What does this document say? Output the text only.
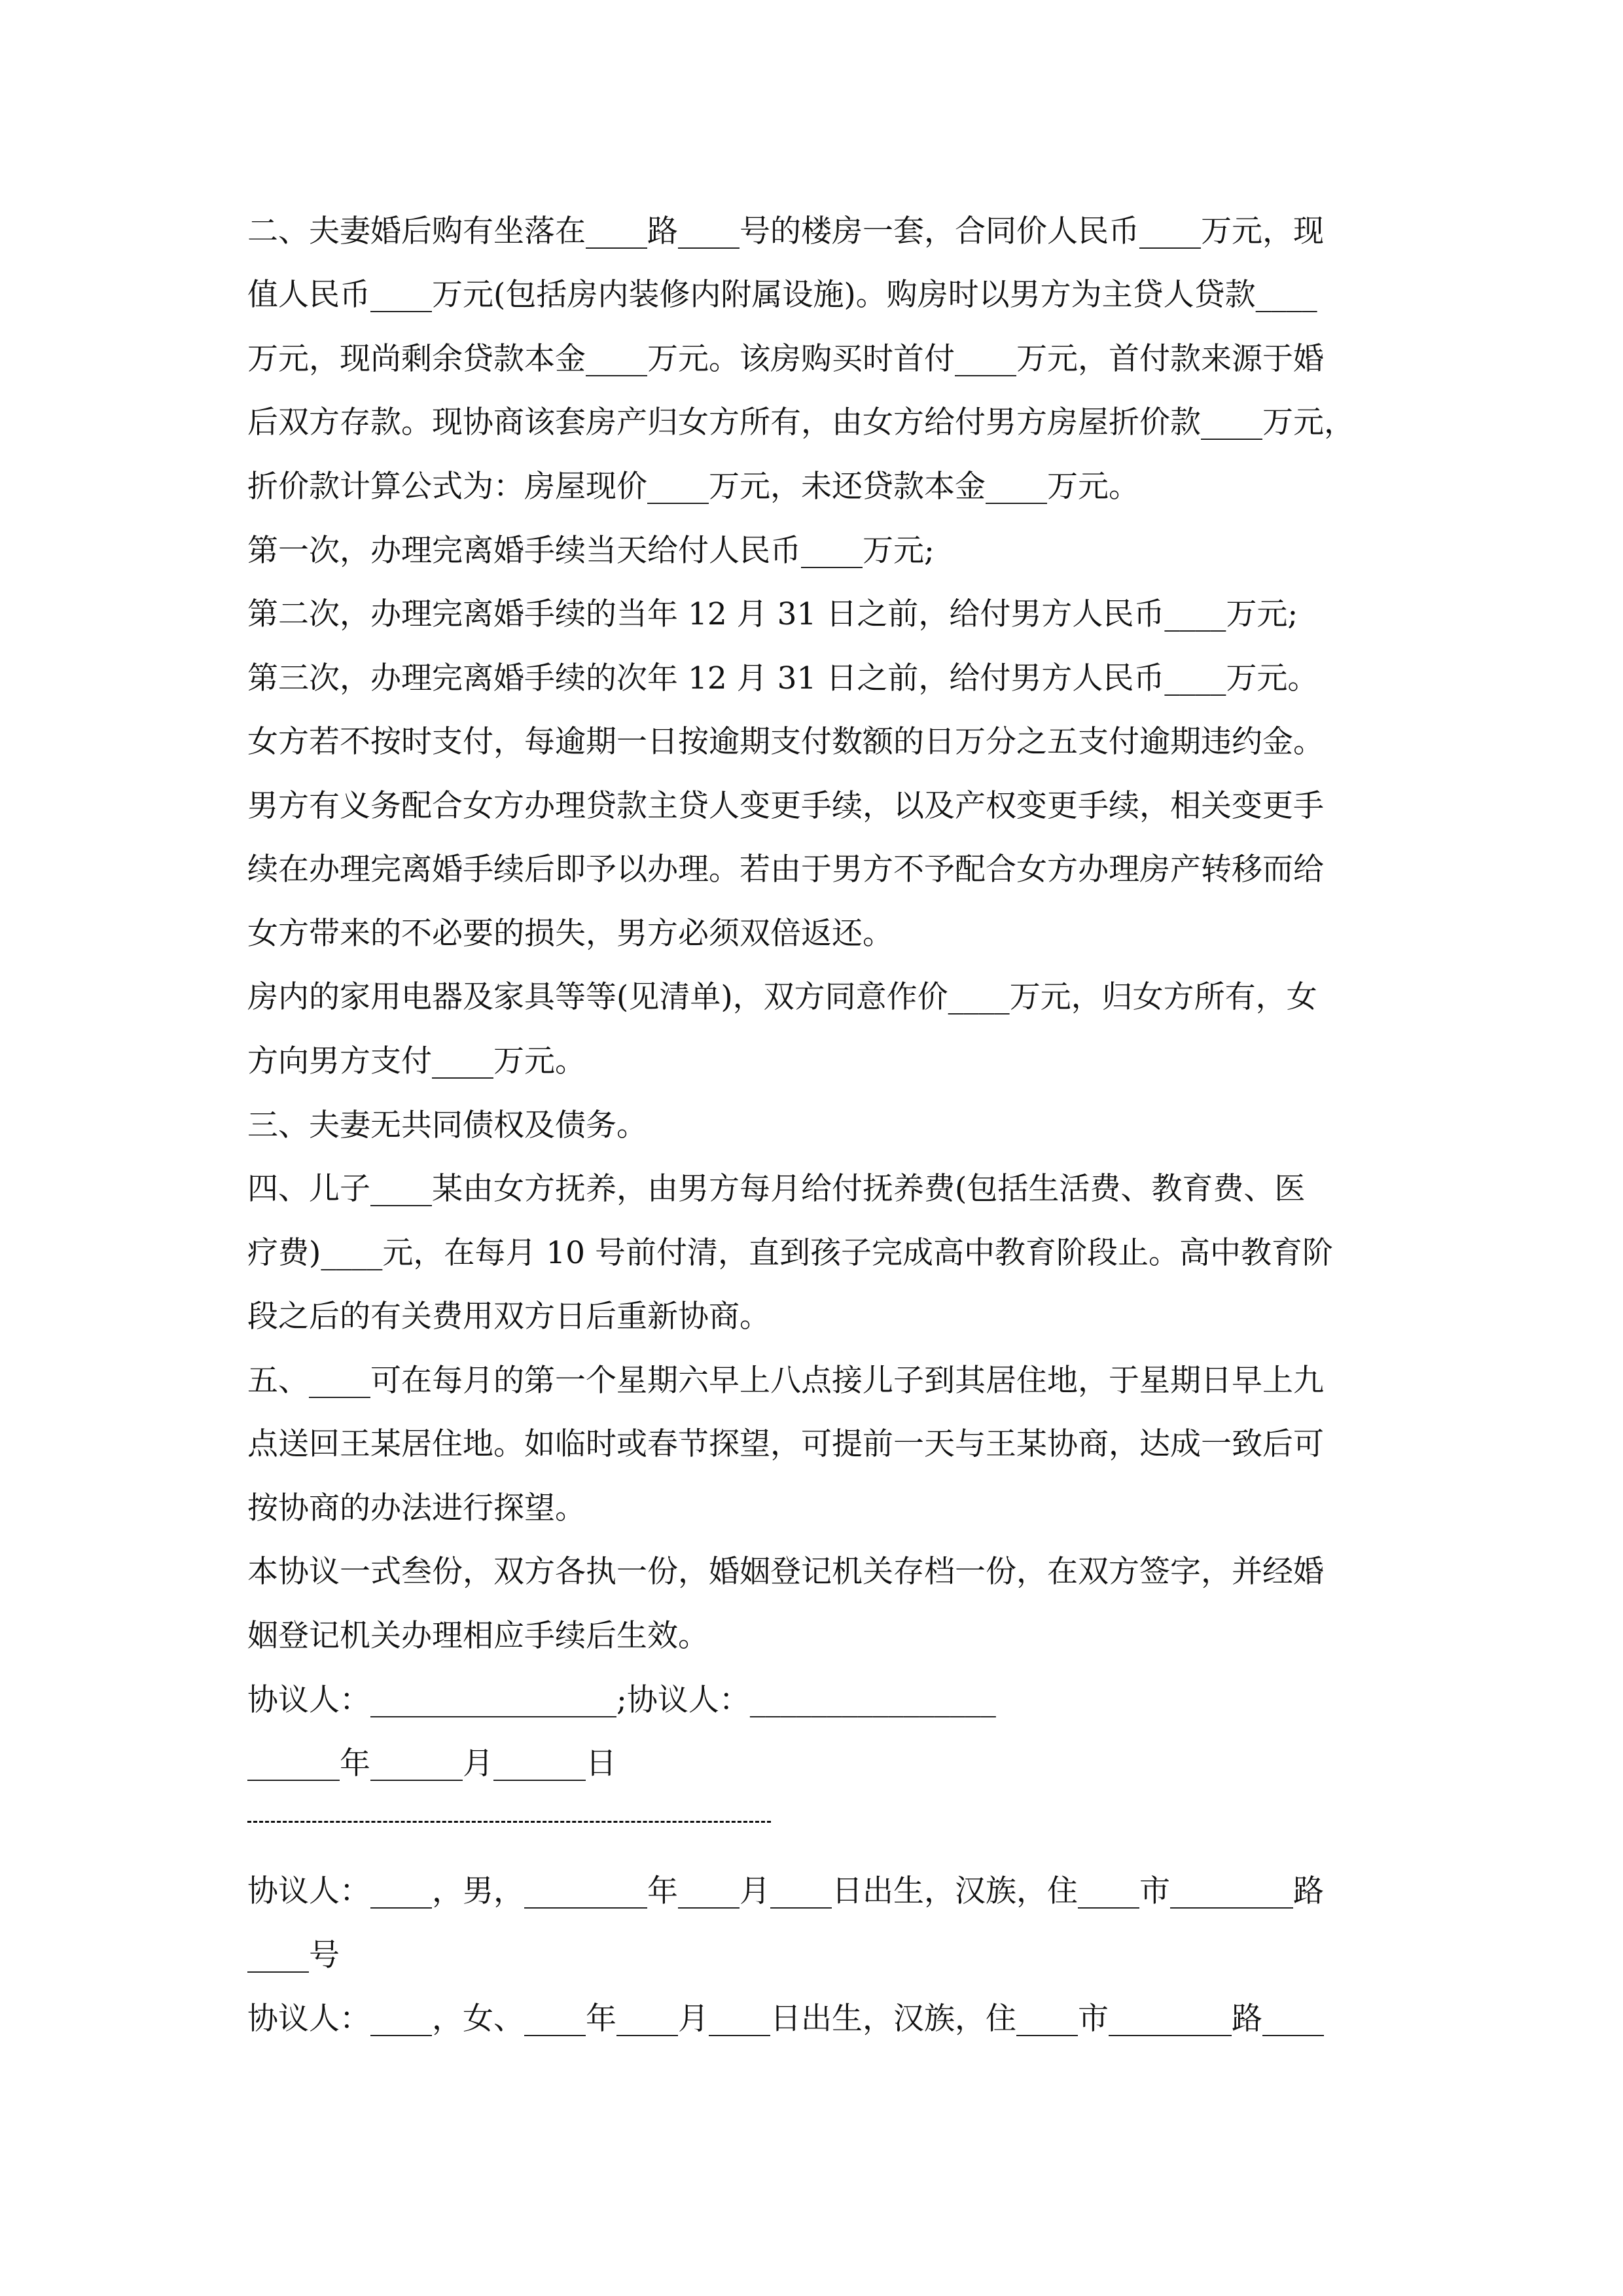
二、夫妻婚后购有坐落在____路____号的楼房一套，合同价人民币____万元，现
值人民币____万元(包括房内装修内附属设施)。购房时以男方为主贷人贷款____
万元，现尚剩余贷款本金____万元。该房购买时首付____万元，首付款来源于婚
后双方存款。现协商该套房产归女方所有，由女方给付男方房屋折价款____万元，
折价款计算公式为：房屋现价____万元，未还贷款本金____万元。
第一次，办理完离婚手续当天给付人民币____万元;
第二次，办理完离婚手续的当年 12 月 31 日之前，给付男方人民币____万元;
第三次，办理完离婚手续的次年 12 月 31 日之前，给付男方人民币____万元。
女方若不按时支付，每逾期一日按逾期支付数额的日万分之五支付逾期违约金。
男方有义务配合女方办理贷款主贷人变更手续，以及产权变更手续，相关变更手
续在办理完离婚手续后即予以办理。若由于男方不予配合女方办理房产转移而给
女方带来的不必要的损失，男方必须双倍返还。
房内的家用电器及家具等等(见清单)，双方同意作价____万元，归女方所有，女
方向男方支付____万元。
三、夫妻无共同债权及债务。
四、儿子____某由女方抚养，由男方每月给付抚养费(包括生活费、教育费、医
疗费)____元，在每月 10 号前付清，直到孩子完成高中教育阶段止。高中教育阶
段之后的有关费用双方日后重新协商。
五、____可在每月的第一个星期六早上八点接儿子到其居住地，于星期日早上九
点送回王某居住地。如临时或春节探望，可提前一天与王某协商，达成一致后可
按协商的办法进行探望。
本协议一式叁份，双方各执一份，婚姻登记机关存档一份，在双方签字，并经婚
姻登记机关办理相应手续后生效。
协议人：________________;协议人：________________
______年______月______日
协议人：____，男，________年____月____日出生，汉族，住____市________路
____号
协议人：____，女、____年____月____日出生，汉族，住____市________路____
